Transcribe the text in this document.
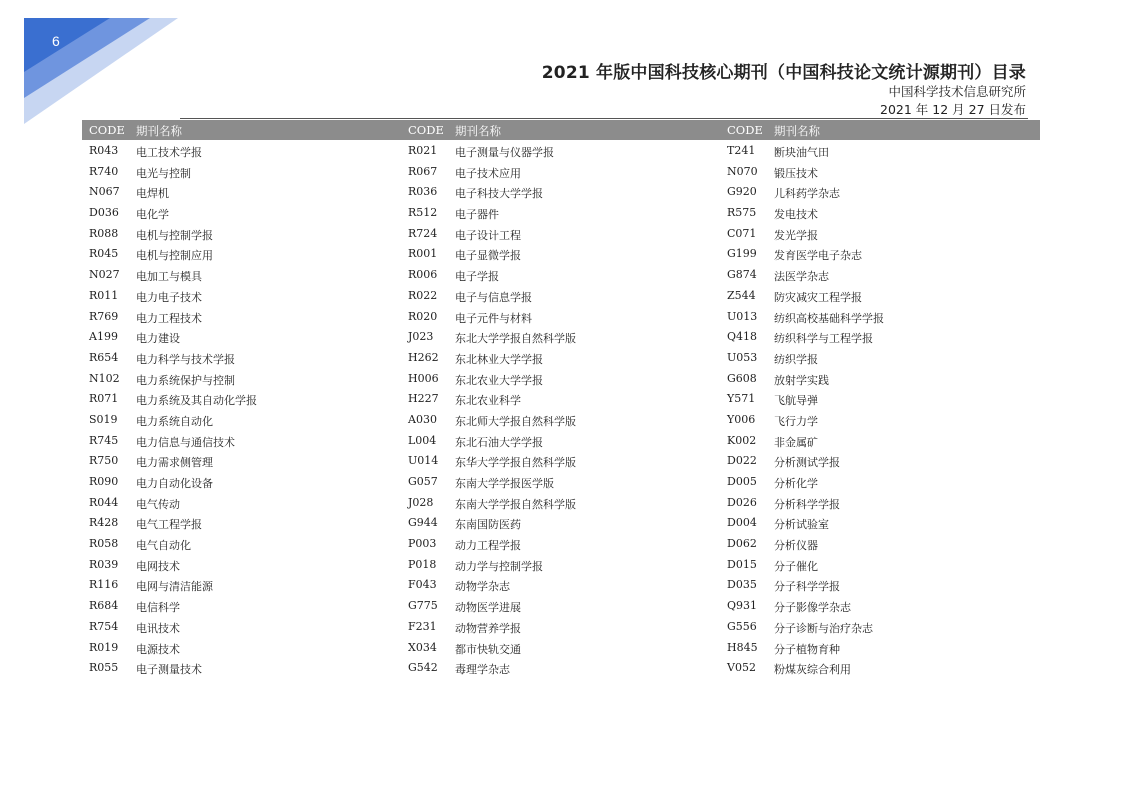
6
2021 年版中国科技核心期刊（中国科技论文统计源期刊）目录
中国科学技术信息研究所
2021 年 12 月 27 日发布
CODE 期刊名称	CODE 期刊名称	CODE 期刊名称
R043 电工技术学报
R740 电光与控制
N067 电焊机
D036 电化学
R088 电机与控制学报
R045 电机与控制应用
N027 电加工与模具
R011 电力电子技术
R769 电力工程技术
A199 电力建设
R654 电力科学与技术学报
N102 电力系统保护与控制
R071 电力系统及其自动化学报
S019 电力系统自动化
R745 电力信息与通信技术
R750 电力需求侧管理
R090 电力自动化设备
R044 电气传动
R428 电气工程学报
R058 电气自动化
R039 电网技术
R116 电网与清洁能源
R684 电信科学
R754 电讯技术
R019 电源技术
R055 电子测量技术
R021 电子测量与仪器学报
R067 电子技术应用
R036 电子科技大学学报
R512 电子器件
R724 电子设计工程
R001 电子显微学报
R006 电子学报
R022 电子与信息学报
R020 电子元件与材料
J023 东北大学学报自然科学版
H262 东北林业大学学报
H006 东北农业大学学报
H227 东北农业科学
A030 东北师大学报自然科学版
L004 东北石油大学学报
U014 东华大学学报自然科学版
G057 东南大学学报医学版
J028 东南大学学报自然科学版
G944 东南国防医药
P003 动力工程学报
P018 动力学与控制学报
F043 动物学杂志
G775 动物医学进展
F231 动物营养学报
X034 都市快轨交通
G542 毒理学杂志
T241 断块油气田
N070 锻压技术
G920 儿科药学杂志
R575 发电技术
C071 发光学报
G199 发育医学电子杂志
G874 法医学杂志
Z544 防灾减灾工程学报
U013 纺织高校基础科学学报
Q418 纺织科学与工程学报
U053 纺织学报
G608 放射学实践
Y571 飞航导弹
Y006 飞行力学
K002 非金属矿
D022 分析测试学报
D005 分析化学
D026 分析科学学报
D004 分析试验室
D062 分析仪器
D015 分子催化
D035 分子科学学报
Q931 分子影像学杂志
G556 分子诊断与治疗杂志
H845 分子植物育种
V052 粉煤灰综合利用
